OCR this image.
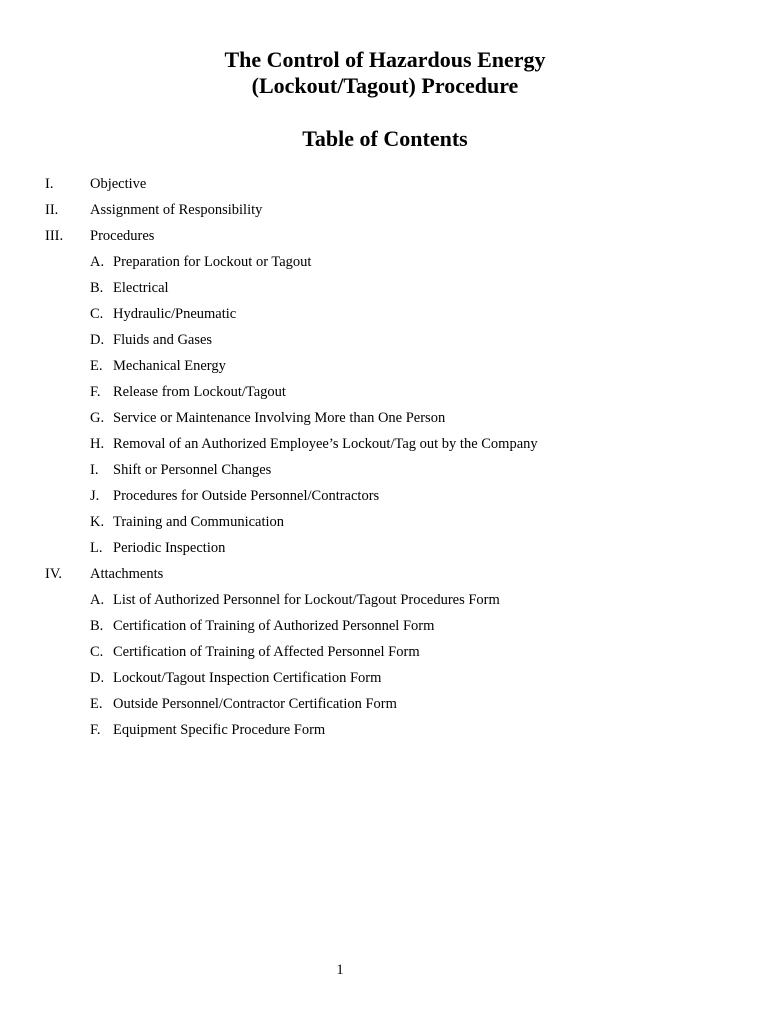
The Control of Hazardous Energy
(Lockout/Tagout) Procedure
Table of Contents
I.	Objective
II. Assignment of Responsibility
III. Procedures
A. Preparation for Lockout or Tagout
B. Electrical
C. Hydraulic/Pneumatic
D. Fluids and Gases
E. Mechanical Energy
F. Release from Lockout/Tagout
G. Service or Maintenance Involving More than One Person
H. Removal of an Authorized Employee’s Lockout/Tag out by the Company
I. Shift or Personnel Changes
J. Procedures for Outside Personnel/Contractors
K. Training and Communication
L. Periodic Inspection
IV. Attachments
A. List of Authorized Personnel for Lockout/Tagout Procedures Form
B. Certification of Training of Authorized Personnel Form
C. Certification of Training of Affected Personnel Form
D. Lockout/Tagout Inspection Certification Form
E. Outside Personnel/Contractor Certification Form
F. Equipment Specific Procedure Form
1
